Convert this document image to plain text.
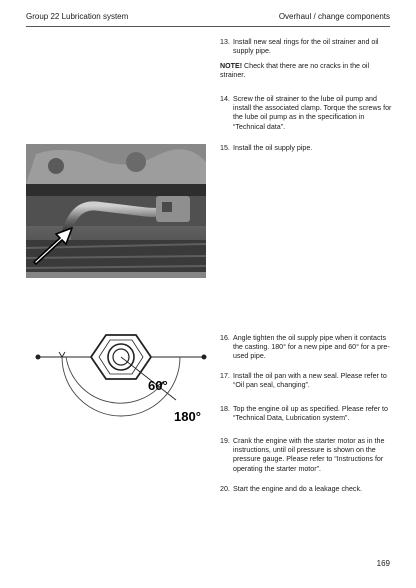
Group 22 Lubrication system	Overhaul / change components
13. Install new seal rings for the oil strainer and oil supply pipe.
NOTE! Check that there are no cracks in the oil strainer.
14. Screw the oil strainer to the lube oil pump and install the associated clamp. Torque the screws for the lube oil pump as in the specification in “Technical data”.
15. Install the oil supply pipe.
16. Angle tighten the oil supply pipe when it contacts the casting. 180° for a new pipe and 60° for a pre-used pipe.
17. Install the oil pan with a new seal. Please refer to “Oil pan seal, changing”.
18. Top the engine oil up as specified. Please refer to “Technical Data, Lubrication system”.
19. Crank the engine with the starter motor as in the instructions, until oil pressure is shown on the pressure gauge. Please refer to “Instructions for operating the starter motor”.
20. Start the engine and do a leakage check.
60°
180°
169
